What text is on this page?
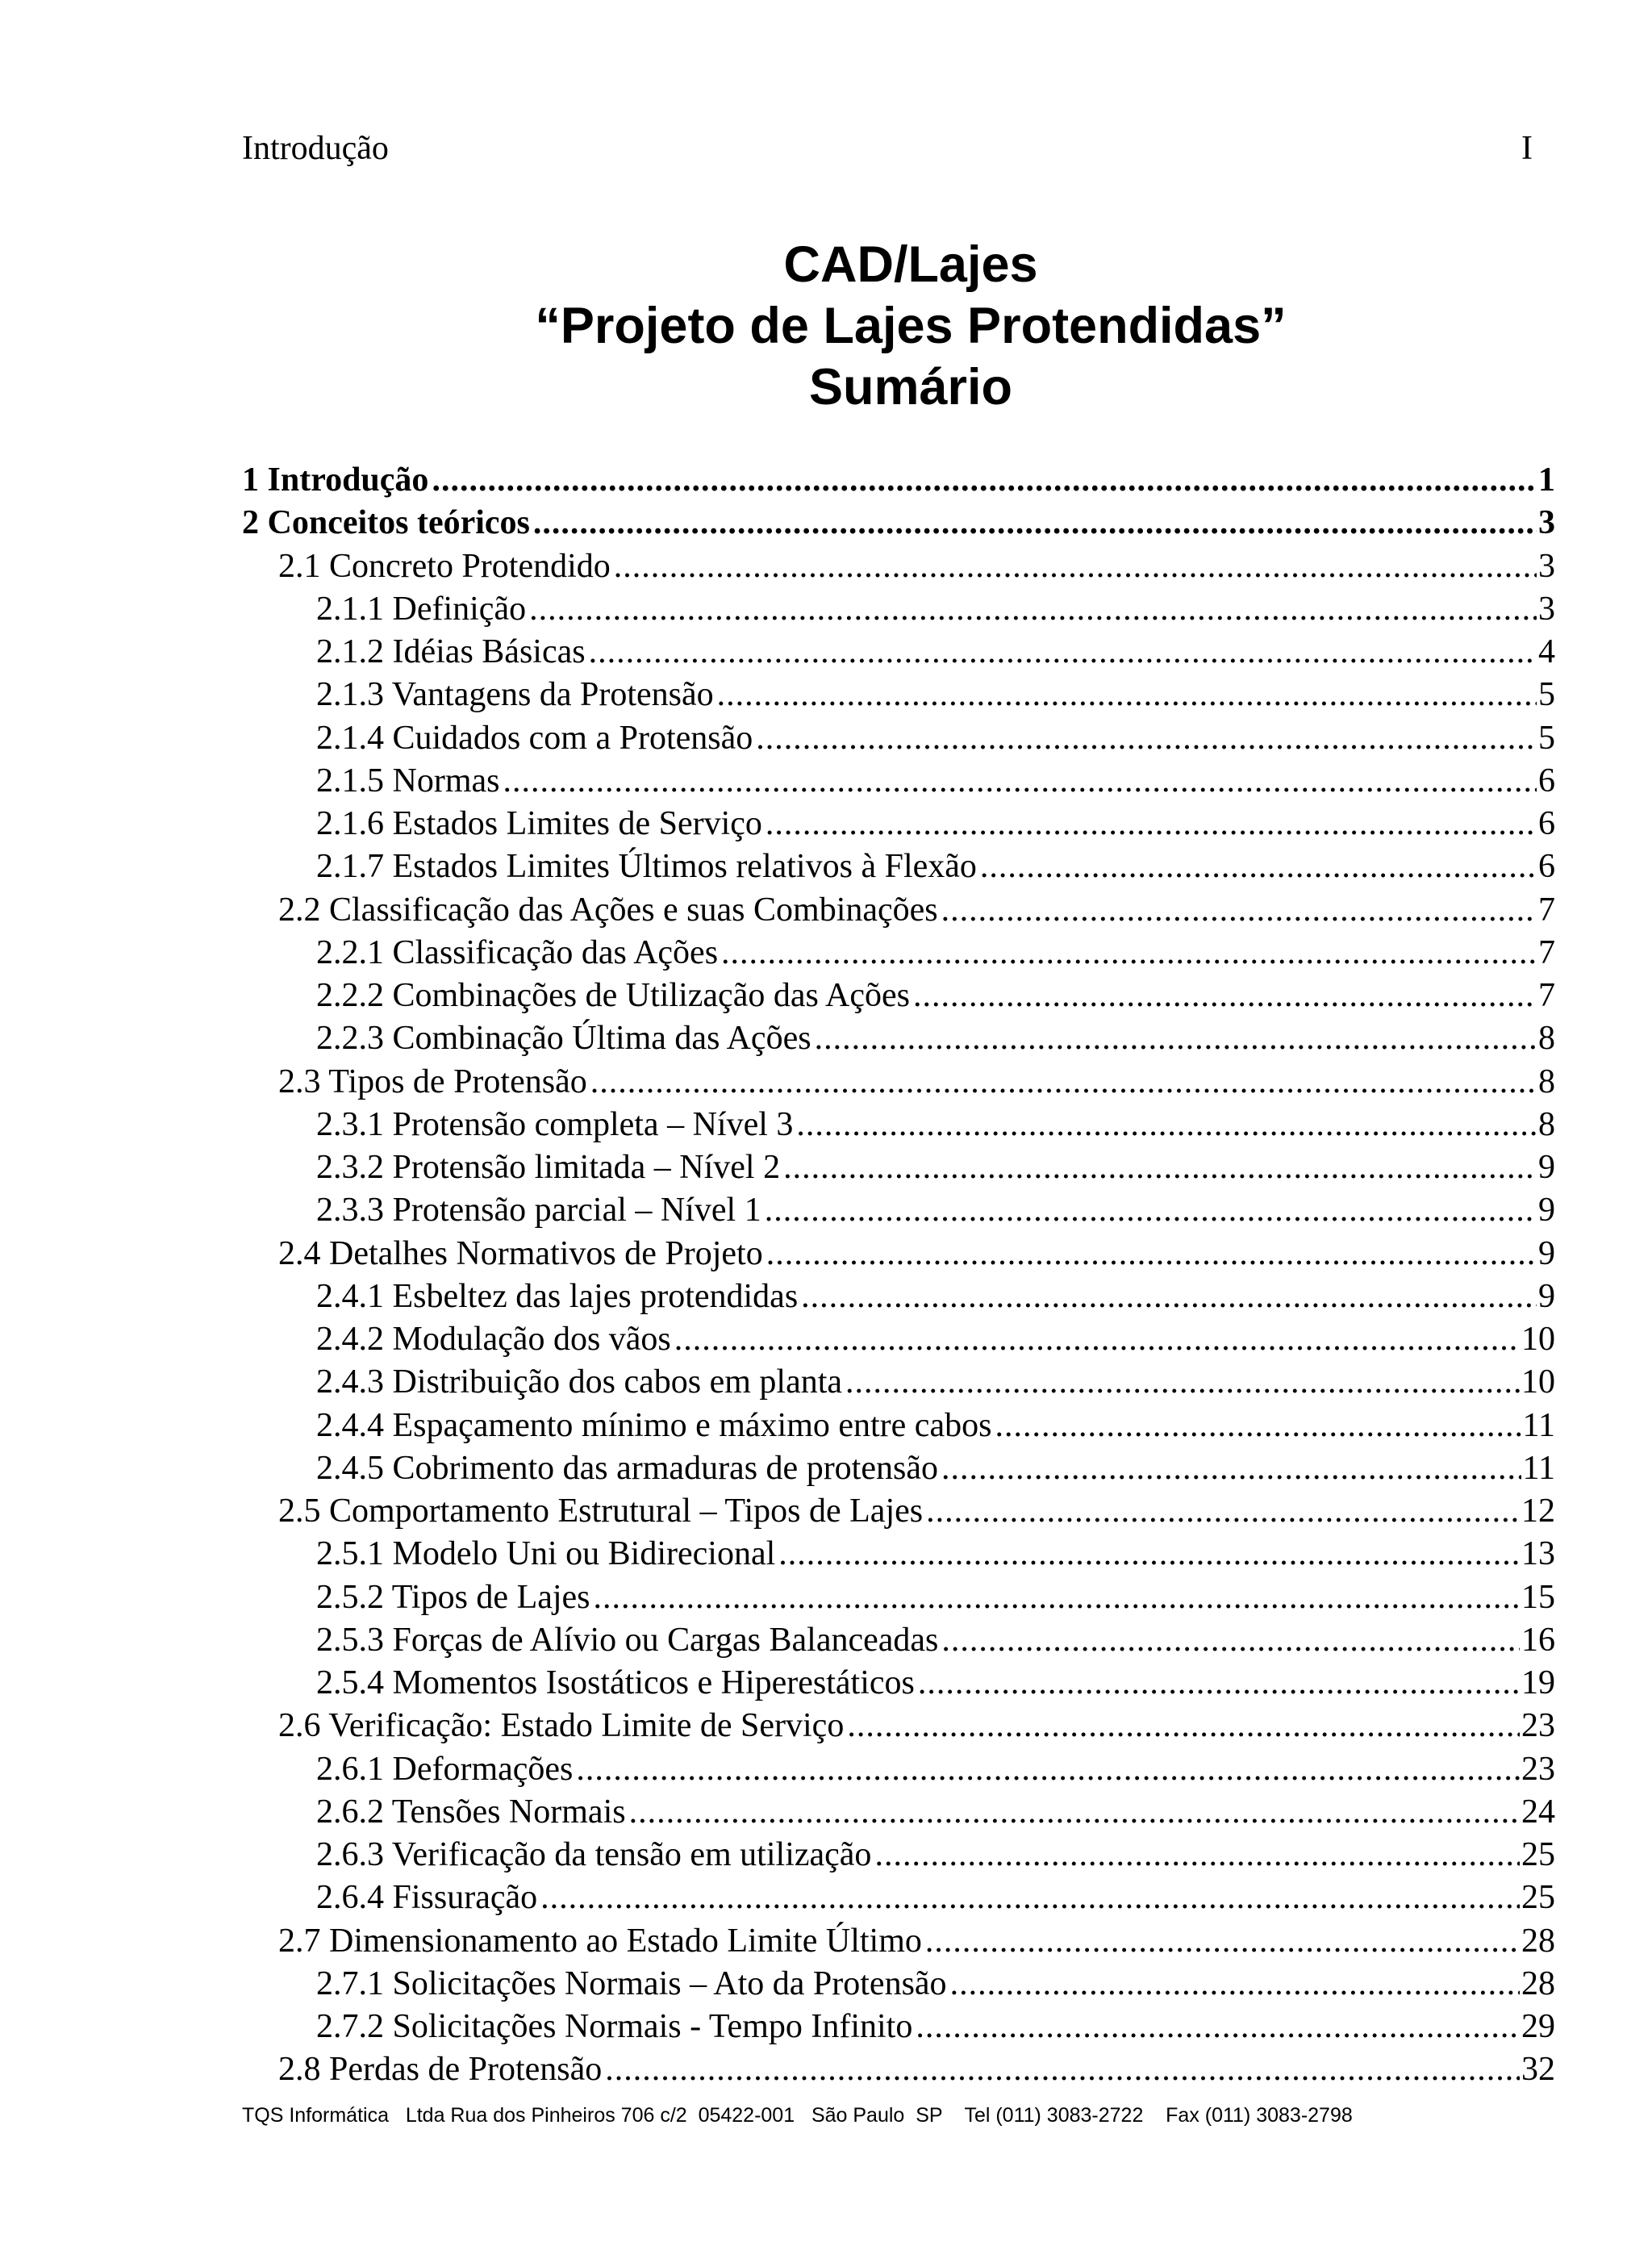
Introdução	I
CAD/Lajes
“Projeto de Lajes Protendidas”
Sumário
1 Introdução .....	1
2 Conceitos teóricos .....	3
2.1 Concreto Protendido .....	3
2.1.1 Definição .....	3
2.1.2 Idéias Básicas .....	4
2.1.3 Vantagens da Protensão .....	5
2.1.4 Cuidados com a Protensão .....	5
2.1.5 Normas .....	6
2.1.6 Estados Limites de Serviço .....	6
2.1.7 Estados Limites Últimos relativos à Flexão .....	6
2.2 Classificação das Ações e suas Combinações .....	7
2.2.1 Classificação das Ações .....	7
2.2.2 Combinações de Utilização das Ações .....	7
2.2.3 Combinação Última das Ações .....	8
2.3 Tipos de Protensão .....	8
2.3.1 Protensão completa – Nível 3 .....	8
2.3.2 Protensão limitada – Nível 2 .....	9
2.3.3 Protensão parcial – Nível 1 .....	9
2.4 Detalhes Normativos de Projeto .....	9
2.4.1 Esbeltez das lajes protendidas .....	9
2.4.2 Modulação dos vãos .....	10
2.4.3 Distribuição dos cabos em planta .....	10
2.4.4 Espaçamento mínimo e máximo entre cabos .....	11
2.4.5 Cobrimento das armaduras de protensão .....	11
2.5 Comportamento Estrutural – Tipos de Lajes .....	12
2.5.1 Modelo Uni ou Bidirecional .....	13
2.5.2 Tipos de Lajes .....	15
2.5.3 Forças de Alívio ou Cargas Balanceadas .....	16
2.5.4 Momentos Isostáticos e Hiperestáticos .....	19
2.6 Verificação: Estado Limite de Serviço .....	23
2.6.1 Deformações .....	23
2.6.2 Tensões Normais .....	24
2.6.3 Verificação da tensão em utilização .....	25
2.6.4 Fissuração .....	25
2.7 Dimensionamento ao Estado Limite Último .....	28
2.7.1 Solicitações Normais – Ato da Protensão .....	28
2.7.2 Solicitações Normais - Tempo Infinito .....	29
2.8 Perdas de Protensão .....	32
TQS Informática   Ltda Rua dos Pinheiros 706 c/2  05422-001   São Paulo  SP    Tel (011) 3083-2722    Fax (011) 3083-2798
